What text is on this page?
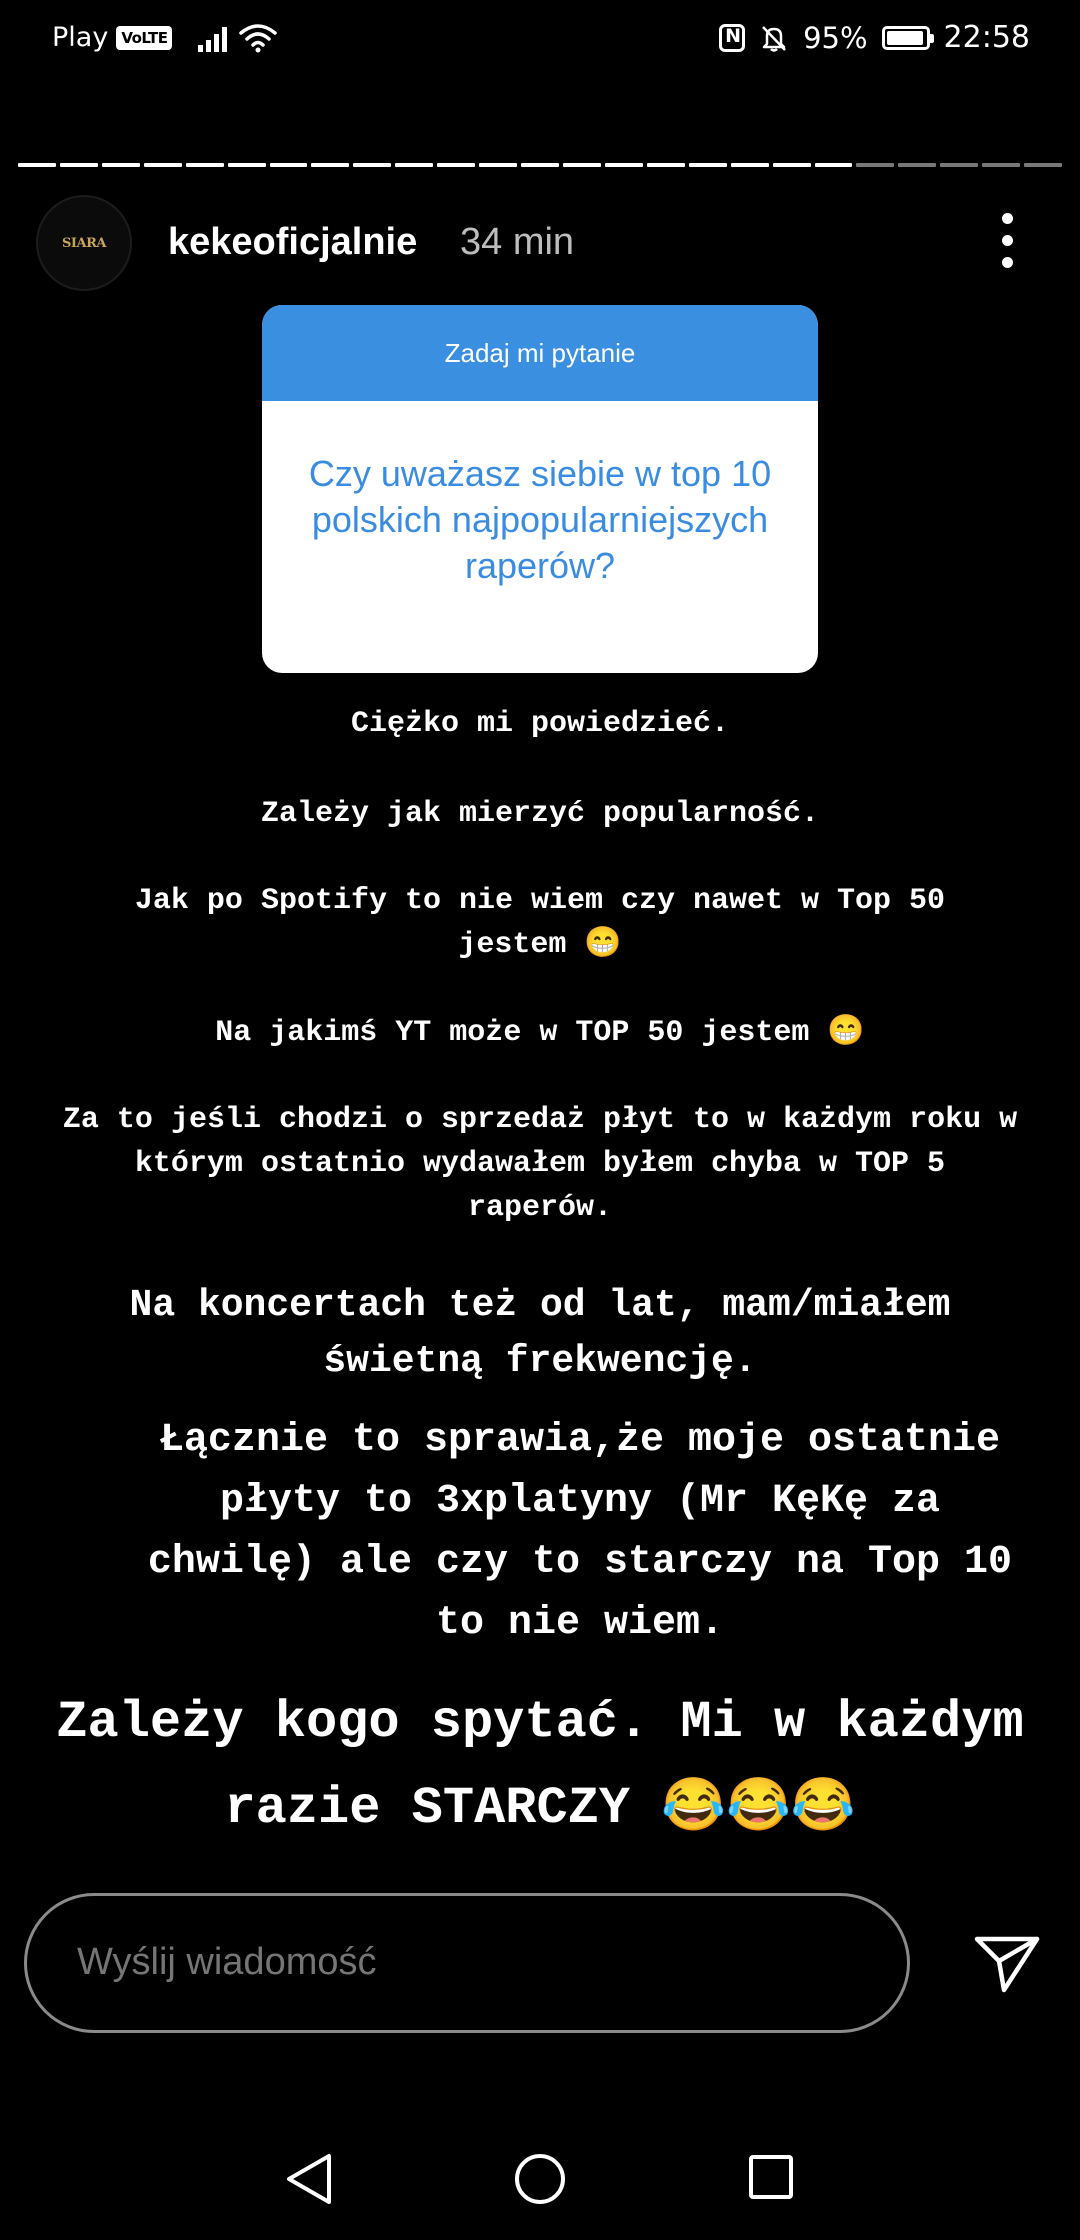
Play VoLTE
N	95%	22:58
SIARA kekeoficjalnie 34 min
Zadaj mi pytanie
Czy uważasz siebie w top 10 polskich najpopularniejszych raperów?
Ciężko mi powiedzieć.
Zależy jak mierzyć popularność.
Jak po Spotify to nie wiem czy nawet w Top 50 jestem 😁
Na jakimś YT może w TOP 50 jestem 😁
Za to jeśli chodzi o sprzedaż płyt to w każdym roku w którym ostatnio wydawałem byłem chyba w TOP 5 raperów.
Na koncertach też od lat, mam/miałem świetną frekwencję.
Łącznie to sprawia,że moje ostatnie płyty to 3xplatyny (Mr KęKę za chwilę) ale czy to starczy na Top 10 to nie wiem.
Zależy kogo spytać. Mi w każdym razie STARCZY 😂😂😂
Wyślij wiadomość
